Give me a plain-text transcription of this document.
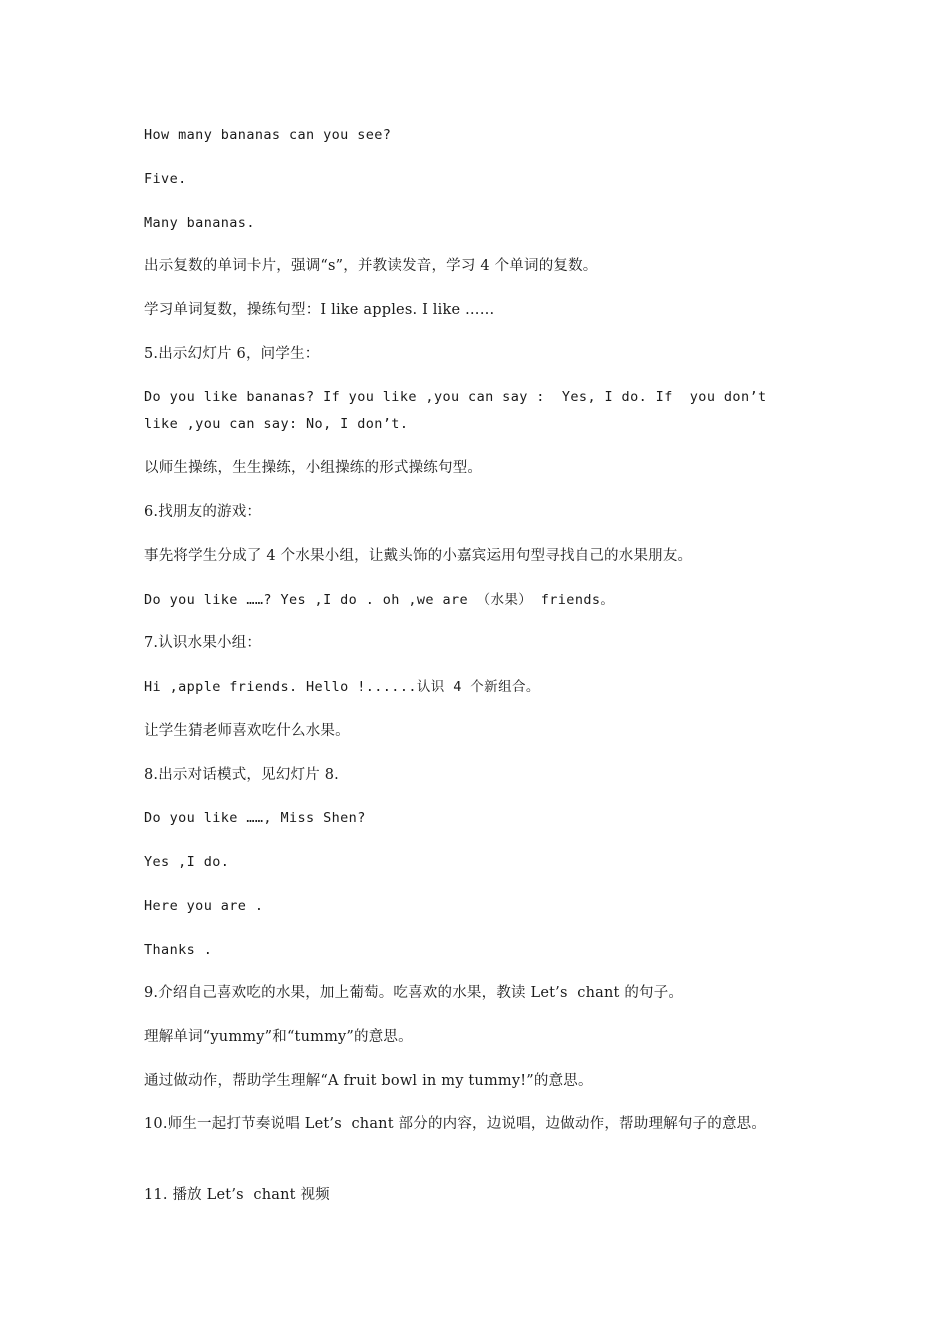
How many bananas can you see?

Five.

Many bananas.

出示复数的单词卡片，强调“s”，并教读发音，学习 4 个单词的复数。

学习单词复数，操练句型：I like apples. I like ……

5.出示幻灯片 6，问学生：

Do you like bananas? If you like ,you can say :  Yes, I do. If  you don’t like ,you can say: No, I don’t.

以师生操练，生生操练，小组操练的形式操练句型。

6.找朋友的游戏：

事先将学生分成了 4 个水果小组，让戴头饰的小嘉宾运用句型寻找自己的水果朋友。

Do you like ……? Yes ,I do . oh ,we are （水果） friends。

7.认识水果小组：

Hi ,apple friends. Hello !......认识 4 个新组合。

让学生猜老师喜欢吃什么水果。

8.出示对话模式，见幻灯片 8.

Do you like ……, Miss Shen?

Yes ,I do.

Here you are .

Thanks .

9.介绍自己喜欢吃的水果，加上葡萄。吃喜欢的水果，教读 Let’s  chant 的句子。

理解单词“yummy”和“tummy”的意思。

通过做动作，帮助学生理解“A fruit bowl in my tummy!”的意思。

10.师生一起打节奏说唱 Let’s  chant 部分的内容，边说唱，边做动作，帮助理解句子的意思。

11. 播放 Let’s  chant 视频
